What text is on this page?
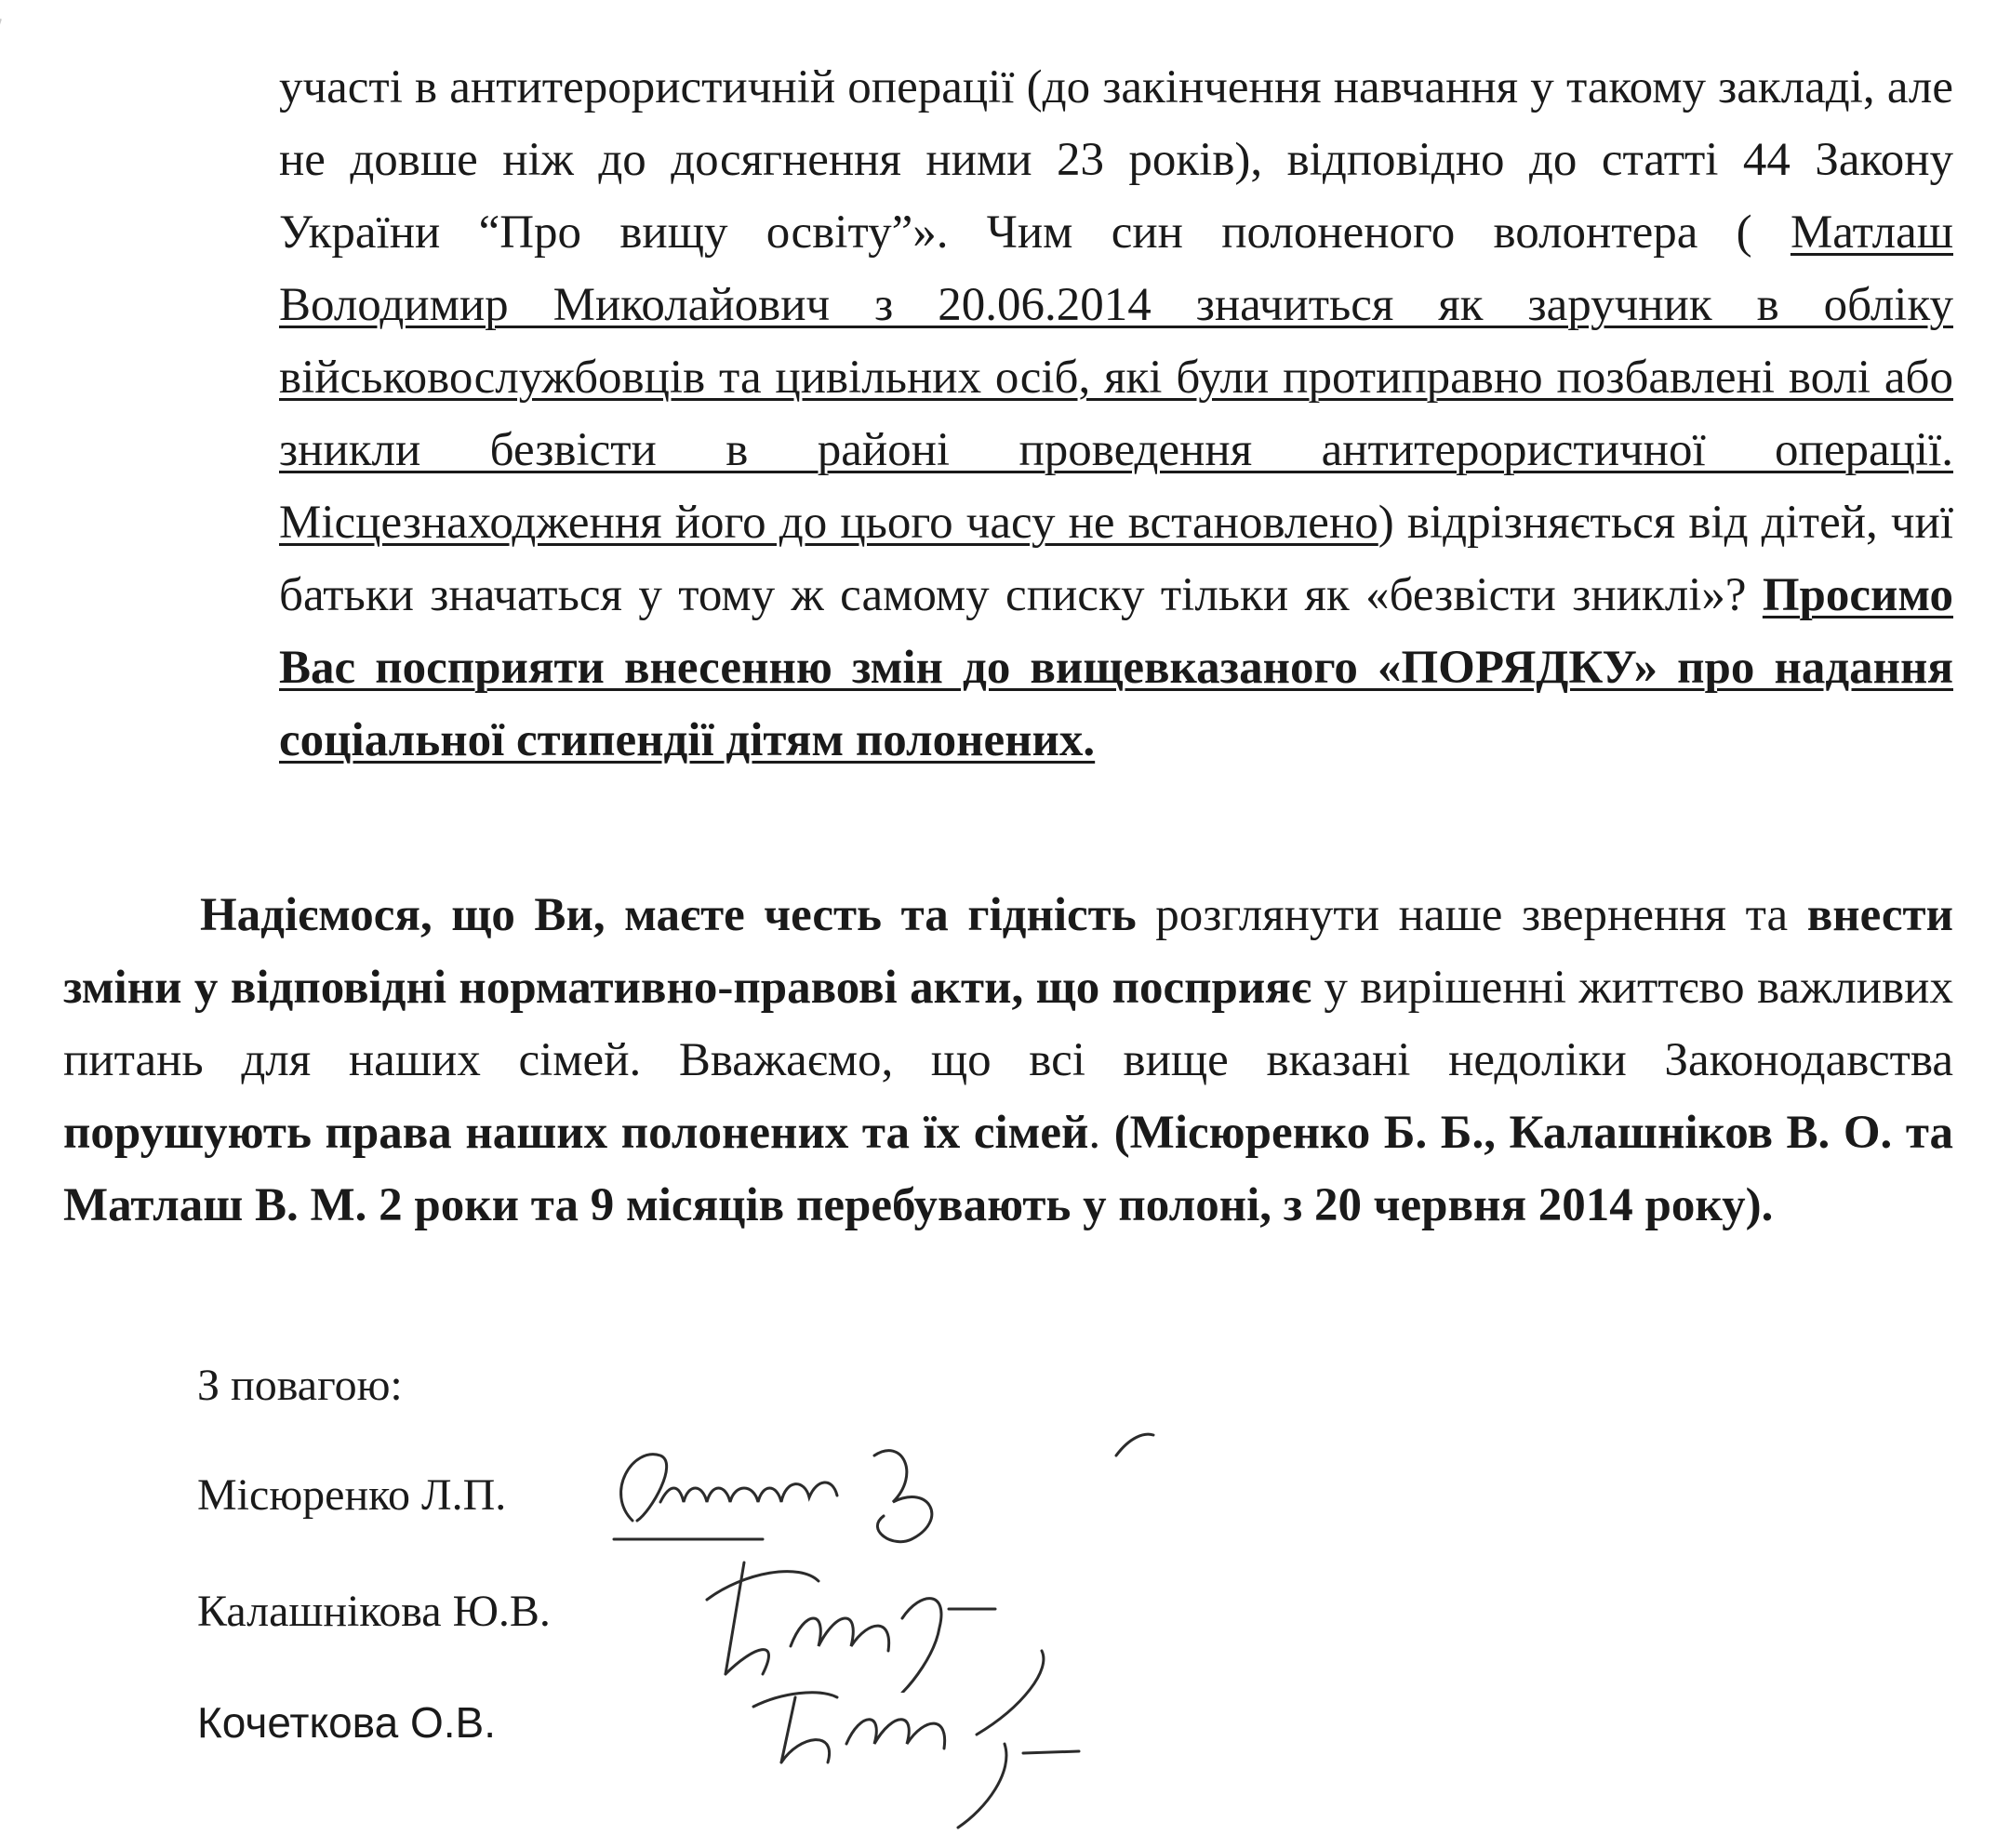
участі в антитерористичній операції (до закінчення навчання у такому закладі, але не довше ніж до досягнення ними 23 років), відповідно до статті 44 Закону України “Про вищу освіту”». Чим син полоненого волонтера ( Матлаш Володимир Миколайович з 20.06.2014 значиться як заручник в обліку військовослужбовців та цивільних осіб, які були протиправно позбавлені волі або зникли безвісти в районі проведення антитерористичної операції. Місцезнаходження його до цього часу не встановлено) відрізняється від дітей, чиї батьки значаться у тому ж самому списку тільки як «безвісти зниклі»? Просимо Вас посприяти внесенню змін до вищевказаного «ПОРЯДКУ» про надання соціальної стипендії дітям полонених.

Надіємося, що Ви, маєте честь та гідність розглянути наше звернення та внести зміни у відповідні нормативно-правові акти, що посприяє у вирішенні життєво важливих питань для наших сімей. Вважаємо, що всі вище вказані недоліки Законодавства порушують права наших полонених та їх сімей. (Місюренко Б. Б., Калашніков В. О. та Матлаш В. М. 2 роки та 9 місяців перебувають у полоні, з 20 червня 2014 року).

З повагою:

Місюренко Л.П.

Калашнікова Ю.В.

Кочеткова О.В.
